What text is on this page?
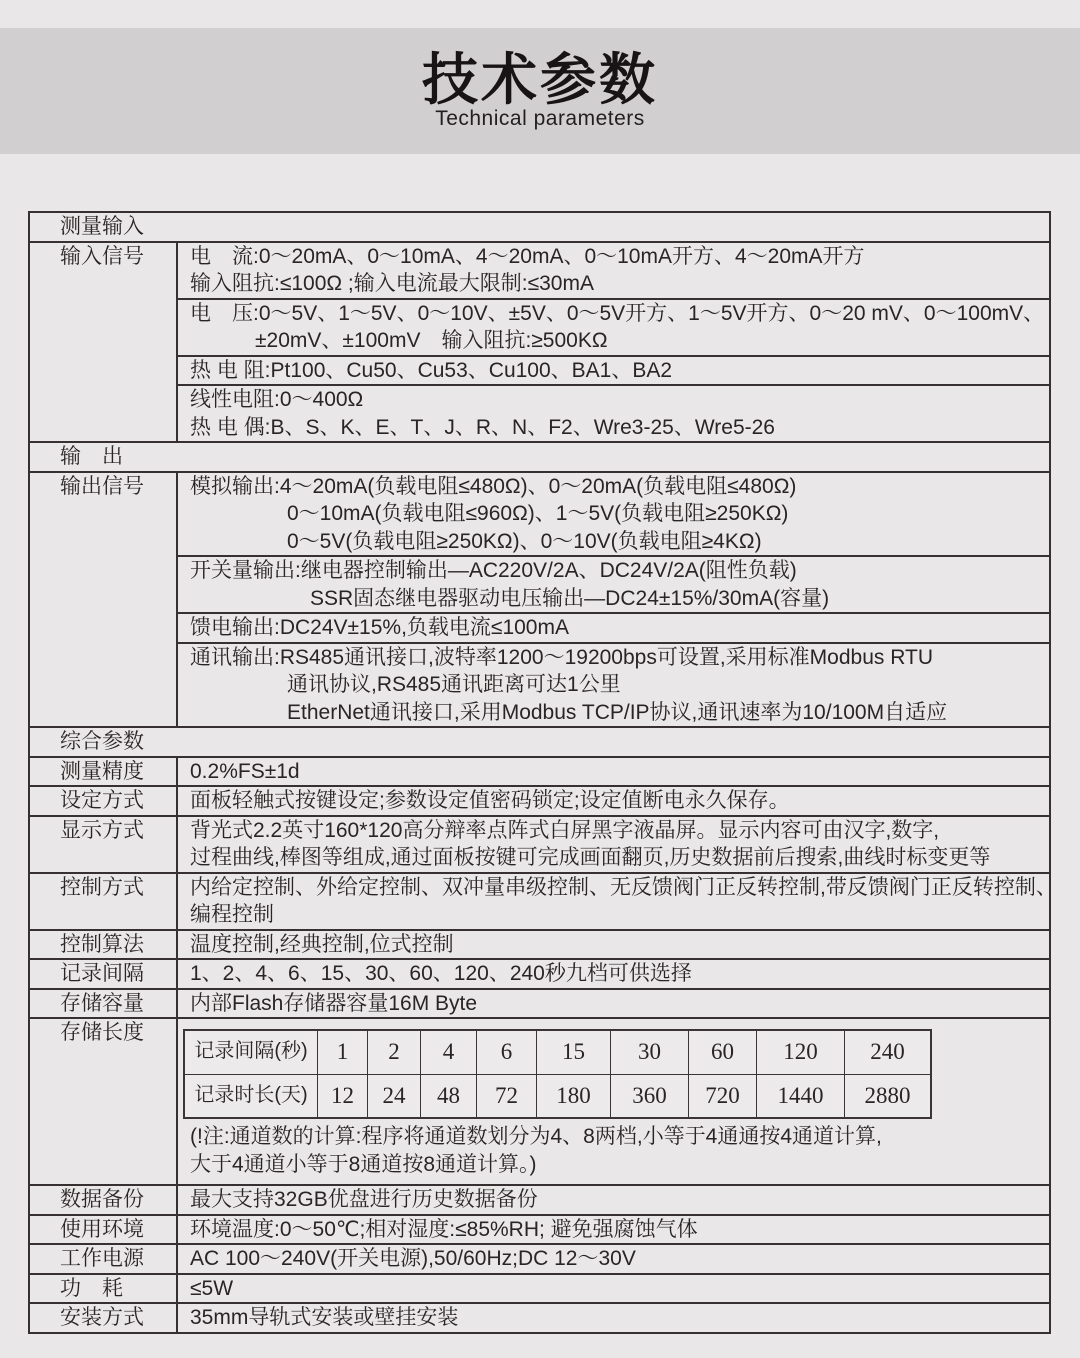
技术参数
Technical parameters
测量输入
输入信号	电　流:0～20mA、0～10mA、4～20mA、0～10mA开方、4～20mA开方
输入阻抗:≤100Ω ;输入电流最大限制:≤30mA
电　压:0～5V、1～5V、0～10V、±5V、0～5V开方、1～5V开方、0～20 mV、0～100mV、
±20mV、±100mV　输入阻抗:≥500KΩ
热 电 阻:Pt100、Cu50、Cu53、Cu100、BA1、BA2
线性电阻:0～400Ω
热 电 偶:B、S、K、E、T、J、R、N、F2、Wre3-25、Wre5-26
输　出
输出信号	模拟输出:4～20mA(负载电阻≤480Ω)、0～20mA(负载电阻≤480Ω)
0～10mA(负载电阻≤960Ω)、1～5V(负载电阻≥250KΩ)
0～5V(负载电阻≥250KΩ)、0～10V(负载电阻≥4KΩ)
开关量输出:继电器控制输出—AC220V/2A、DC24V/2A(阻性负载)
SSR固态继电器驱动电压输出—DC24±15%/30mA(容量)
馈电输出:DC24V±15%,负载电流≤100mA
通讯输出:RS485通讯接口,波特率1200～19200bps可设置,采用标准Modbus RTU
通讯协议,RS485通讯距离可达1公里
EtherNet通讯接口,采用Modbus TCP/IP协议,通讯速率为10/100M自适应
综合参数
测量精度	0.2%FS±1d
设定方式	面板轻触式按键设定;参数设定值密码锁定;设定值断电永久保存。
显示方式	背光式2.2英寸160*120高分辩率点阵式白屏黑字液晶屏。显示内容可由汉字,数字,
过程曲线,棒图等组成,通过面板按键可完成画面翻页,历史数据前后搜索,曲线时标变更等
控制方式	内给定控制、外给定控制、双冲量串级控制、无反馈阀门正反转控制,带反馈阀门正反转控制、
编程控制
控制算法	温度控制,经典控制,位式控制
记录间隔	1、2、4、6、15、30、60、120、240秒九档可供选择
存储容量	内部Flash存储器容量16M Byte
存储长度
记录间隔(秒)	1	2	4	6	15	30	60	120	240
记录时长(天)	12	24	48	72	180	360	720	1440	2880
(!注:通道数的计算:程序将通道数划分为4、8两档,小等于4通通按4通道计算,
大于4通道小等于8通道按8通道计算。)
数据备份	最大支持32GB优盘进行历史数据备份
使用环境	环境温度:0～50℃;相对湿度:≤85%RH; 避免强腐蚀气体
工作电源	AC 100～240V(开关电源),50/60Hz;DC 12～30V
功　耗	≤5W
安装方式	35mm导轨式安装或壁挂安装
